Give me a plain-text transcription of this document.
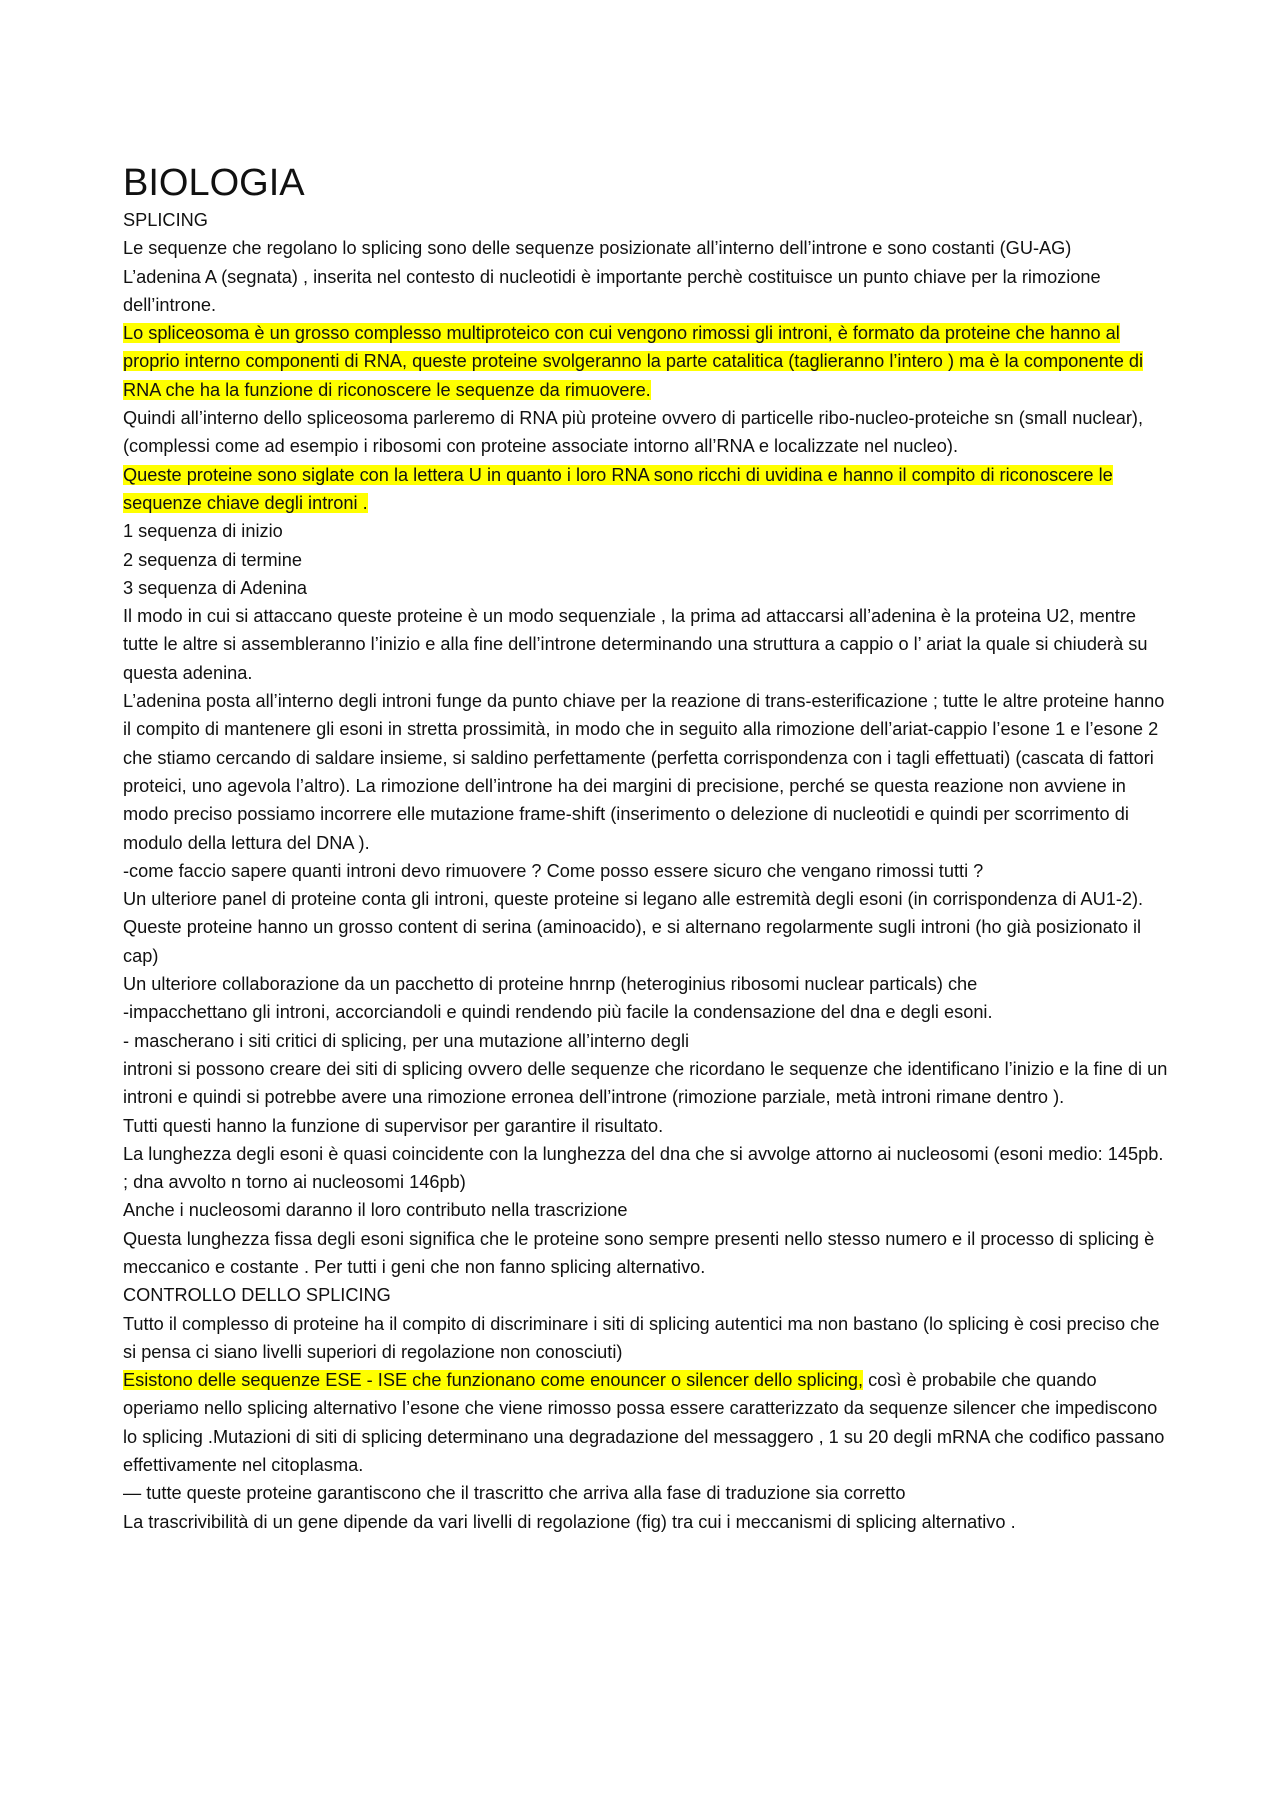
BIOLOGIA

SPLICING

Le sequenze che regolano lo splicing sono delle sequenze posizionate all’interno dell’introne e sono costanti (GU-AG)

L’adenina A (segnata) , inserita nel contesto di nucleotidi è importante perchè costituisce un punto chiave per la rimozione dell’introne.

Lo spliceosoma è un grosso complesso multiproteico con cui vengono rimossi gli introni, è formato da proteine che hanno al proprio interno componenti di RNA, queste proteine svolgeranno la parte catalitica (taglieranno l’intero ) ma è la componente di RNA che ha la funzione di riconoscere le sequenze da rimuovere.

Quindi all’interno dello spliceosoma parleremo di RNA più proteine ovvero di particelle ribo-nucleo-proteiche sn (small nuclear), (complessi come ad esempio i ribosomi con proteine associate intorno all’RNA e localizzate nel nucleo).

Queste proteine sono siglate con la lettera U in quanto i loro RNA sono ricchi di uvidina e hanno il compito di riconoscere le sequenze chiave degli introni .

1 sequenza di inizio

2 sequenza di termine

3 sequenza di Adenina

Il modo in cui si attaccano queste proteine è un modo sequenziale , la prima ad attaccarsi all’adenina è la proteina U2, mentre tutte le altre si assembleranno l’inizio e alla fine dell’introne determinando una struttura a cappio o l’ ariat la quale si chiuderà su questa adenina.

L’adenina posta all’interno degli introni funge da punto chiave per la reazione di trans-esterificazione ; tutte le altre proteine hanno il compito di mantenere gli esoni in stretta prossimità, in modo che in seguito alla rimozione dell’ariat-cappio l’esone 1 e l’esone 2 che stiamo cercando di saldare insieme, si saldino perfettamente (perfetta corrispondenza con i tagli effettuati) (cascata di fattori proteici, uno agevola l’altro). La rimozione dell’introne ha dei margini di precisione, perché se questa reazione non avviene in modo preciso possiamo incorrere elle mutazione frame-shift (inserimento o delezione di nucleotidi e quindi per scorrimento di modulo della lettura del DNA ).

-come faccio sapere quanti introni devo rimuovere ? Come posso essere sicuro che vengano rimossi tutti ?

Un ulteriore panel di proteine conta gli introni, queste proteine si legano alle estremità degli esoni (in corrispondenza di AU1-2). Queste proteine hanno un grosso content di serina (aminoacido), e si alternano regolarmente sugli introni (ho già posizionato il cap)

Un ulteriore collaborazione da un pacchetto di proteine hnrnp (heteroginius ribosomi nuclear particals) che

-impacchettano gli introni, accorciandoli e quindi rendendo più facile la condensazione del dna e degli esoni.

- mascherano i siti critici di splicing, per una mutazione all’interno degli

introni si possono creare dei siti di splicing ovvero delle sequenze che ricordano le sequenze che identificano l’inizio e la fine di un introni e quindi si potrebbe avere una rimozione erronea dell’introne (rimozione parziale, metà introni rimane dentro ).

Tutti questi hanno la funzione di supervisor per garantire il risultato.

La lunghezza degli esoni è quasi coincidente con la lunghezza del dna che si avvolge attorno ai nucleosomi (esoni medio: 145pb. ; dna avvolto n torno ai nucleosomi 146pb)

Anche i nucleosomi daranno il loro contributo nella trascrizione

Questa lunghezza fissa degli esoni significa che le proteine sono sempre presenti nello stesso numero e il processo di splicing è meccanico e costante . Per tutti i geni che non fanno splicing alternativo.

CONTROLLO DELLO SPLICING

Tutto il complesso di proteine ha il compito di discriminare i siti di splicing autentici ma non bastano (lo splicing è cosi preciso che si pensa ci siano livelli superiori di regolazione non conosciuti)

Esistono delle sequenze ESE - ISE che funzionano come enouncer o silencer dello splicing, così è probabile che quando operiamo nello splicing alternativo l’esone che viene rimosso possa essere caratterizzato da sequenze silencer che impediscono lo splicing .Mutazioni di siti di splicing determinano una degradazione del messaggero , 1 su 20 degli mRNA che codifico passano effettivamente nel citoplasma.

— tutte queste proteine garantiscono che il trascritto che arriva alla fase di traduzione sia corretto

La trascrivibilità di un gene dipende da vari livelli di regolazione (fig) tra cui i meccanismi di splicing alternativo .
